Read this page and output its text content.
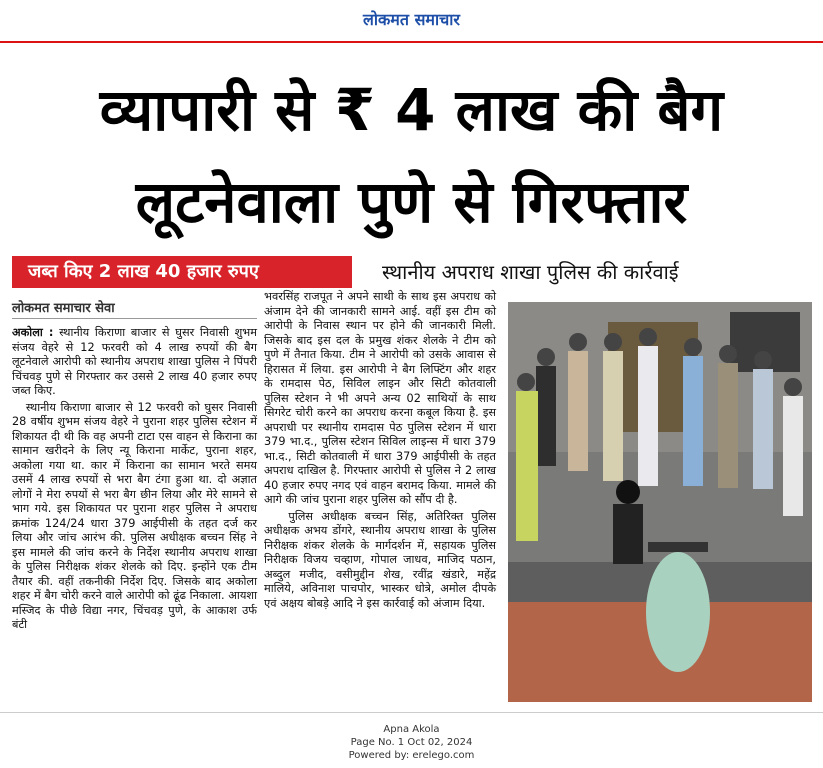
लोकमत समाचार
व्यापारी से ₹ 4 लाख की बैग
लूटनेवाला पुणे से गिरफ्तार
जब्त किए 2 लाख 40 हजार रुपए	स्थानीय अपराध शाखा पुलिस की कार्रवाई
लोकमत समाचार सेवा

अकोला : स्थानीय किराणा बाजार से घुसर निवासी शुभम संजय वेहरे से 12 फरवरी को 4 लाख रुपयों की बैग लूटनेवाले आरोपी को स्थानीय अपराध शाखा पुलिस ने पिंपरी चिंचवड़ पुणे से गिरफ्तार कर उससे 2 लाख 40 हजार रुपए जब्त किए.

स्थानीय किराणा बाजार से 12 फरवरी को घुसर निवासी 28 वर्षीय शुभम संजय वेहरे ने पुराना शहर पुलिस स्टेशन में शिकायत दी थी कि वह अपनी टाटा एस वाहन से किराना का सामान खरीदने के लिए न्यू किराना मार्केट, पुराना शहर, अकोला गया था. कार में किराना का सामान भरते समय उसमें 4 लाख रुपयों से भरा बैग टंगा हुआ था. दो अज्ञात लोगों ने मेरा रुपयों से भरा बैग छीन लिया और मेरे सामने से भाग गये. इस शिकायत पर पुराना शहर पुलिस ने अपराध क्रमांक 124/24 धारा 379 आईपीसी के तहत दर्ज कर लिया और जांच आरंभ की. पुलिस अधीक्षक बच्चन सिंह ने इस मामले की जांच करने के निर्देश स्थानीय अपराध शाखा के पुलिस निरीक्षक शंकर शेलके को दिए. इन्होंने एक टीम तैयार की. वहीं तकनीकी निर्देश दिए. जिसके बाद अकोला शहर में बैग चोरी करने वाले आरोपी को ढूंढ निकाला. आयशा मस्जिद के पीछे विद्या नगर, चिंचवड़ पुणे, के आकाश उर्फ बंटी

भवरसिंह राजपूत ने अपने साथी के साथ इस अपराध को अंजाम देने की जानकारी सामने आई. वहीं इस टीम को आरोपी के निवास स्थान पर होने की जानकारी मिली. जिसके बाद इस दल के प्रमुख शंकर शेलके ने टीम को पुणे में तैनात किया. टीम ने आरोपी को उसके आवास से हिरासत में लिया. इस आरोपी ने बैग लिफ्टिंग और शहर के रामदास पेठ, सिविल लाइन और सिटी कोतवाली पुलिस स्टेशन ने भी अपने अन्य 02 साथियों के साथ सिगरेट चोरी करने का अपराध करना कबूल किया है. इस अपराधी पर स्थानीय रामदास पेठ पुलिस स्टेशन में धारा 379 भा.द., पुलिस स्टेशन सिविल लाइन्स में धारा 379 भा.द., सिटी कोतवाली में धारा 379 आईपीसी के तहत अपराध दाखिल है. गिरफ्तार आरोपी से पुलिस ने 2 लाख 40 हजार रुपए नगद एवं वाहन बरामद किया. मामले की आगे की जांच पुराना शहर पुलिस को सौंप दी है.

पुलिस अधीक्षक बच्चन सिंह, अतिरिक्त पुलिस अधीक्षक अभय डोंगरे, स्थानीय अपराध शाखा के पुलिस निरीक्षक शंकर शेलके के मार्गदर्शन में, सहायक पुलिस निरीक्षक विजय चव्हाण, गोपाल जाधव, माजिद पठान, अब्दुल मजीद, वसीमुद्दीन शेख, रवींद्र खंडारे, महेंद्र मालिये, अविनाश पाचपोर, भास्कर धोत्रे, अमोल दीपके एवं अक्षय बोबड़े आदि ने इस कार्रवाई को अंजाम दिया.

Apna Akola
Page No. 1 Oct 02, 2024
Powered by: erelego.com
